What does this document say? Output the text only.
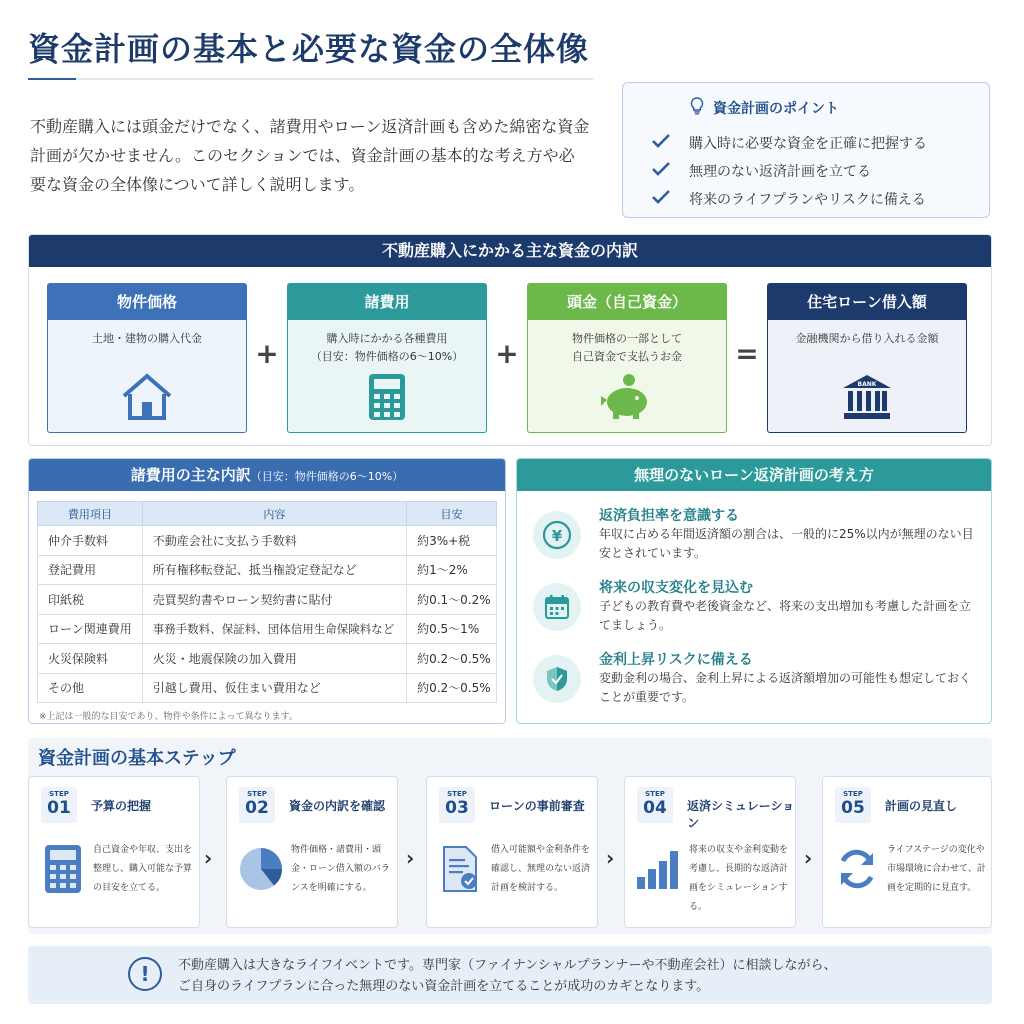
資金計画の基本と必要な資金の全体像
不動産購入には頭金だけでなく、諸費用やローン返済計画も含めた綿密な資金計画が欠かせません。このセクションでは、資金計画の基本的な考え方や必要な資金の全体像について詳しく説明します。
資金計画のポイント
購入時に必要な資金を正確に把握する
無理のない返済計画を立てる
将来のライフプランやリスクに備える
不動産購入にかかる主な資金の内訳
物件価格
土地・建物の購入代金	+
諸費用
購入時にかかる各種費用
（目安：物件価格の6〜10%）	+
頭金（自己資金）
物件価格の一部として
自己資金で支払うお金	=
住宅ローン借入額
金融機関から借り入れる金額
BANK
諸費用の主な内訳（目安：物件価格の6〜10%）
費用項目	内容	目安
仲介手数料	不動産会社に支払う手数料	約3%+税
登記費用	所有権移転登記、抵当権設定登記など	約1〜2%
印紙税	売買契約書やローン契約書に貼付	約0.1〜0.2%
ローン関連費用	事務手数料、保証料、団体信用生命保険料など	約0.5〜1%
火災保険料	火災・地震保険の加入費用	約0.2〜0.5%
その他	引越し費用、仮住まい費用など	約0.2〜0.5%
※上記は一般的な目安であり、物件や条件によって異なります。
無理のないローン返済計画の考え方
¥
返済負担率を意識する
年収に占める年間返済額の割合は、一般的に25%以内が無理のない目安とされています。
将来の収支変化を見込む
子どもの教育費や老後資金など、将来の支出増加も考慮した計画を立てましょう。
金利上昇リスクに備える
変動金利の場合、金利上昇による返済額増加の可能性も想定しておくことが重要です。
資金計画の基本ステップ
STEP
01	予算の把握
自己資金や年収、支出を整理し、購入可能な予算の目安を立てる。
›
STEP
02	資金の内訳を確認
物件価格・諸費用・頭金・ローン借入額のバランスを明確にする。
›
STEP
03	ローンの事前審査
借入可能額や金利条件を確認し、無理のない返済計画を検討する。
›
STEP
04	返済シミュレーション
将来の収支や金利変動を考慮し、長期的な返済計画をシミュレーションする。
›
STEP
05	計画の見直し
ライフステージの変化や市場環境に合わせて、計画を定期的に見直す。
!	不動産購入は大きなライフイベントです。専門家（ファイナンシャルプランナーや不動産会社）に相談しながら、
ご自身のライフプランに合った無理のない資金計画を立てることが成功のカギとなります。
